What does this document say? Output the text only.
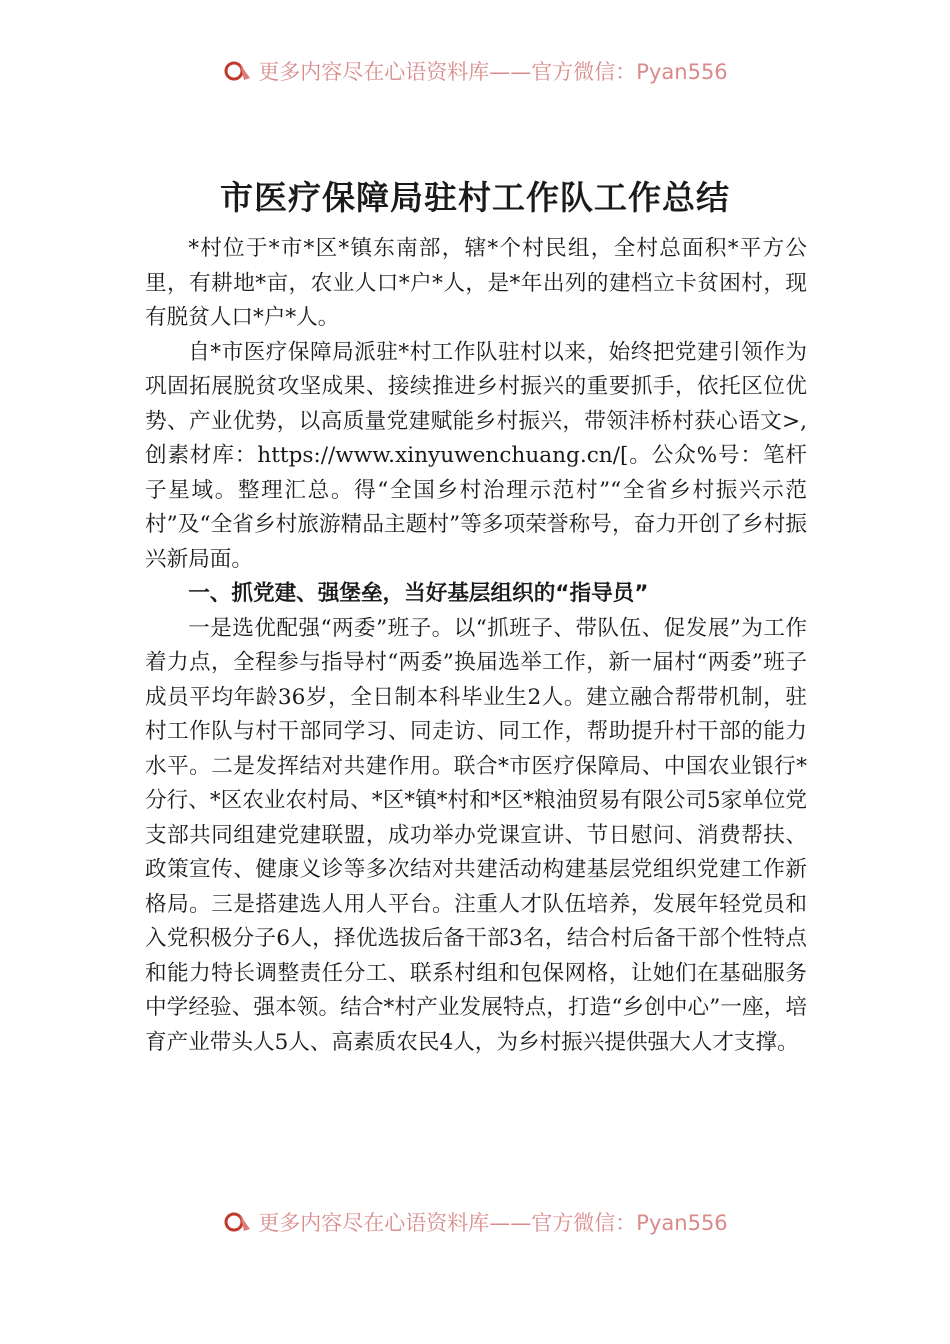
更多内容尽在心语资料库——官方微信：Pyan556
市医疗保障局驻村工作队工作总结

*村位于*市*区*镇东南部，辖*个村民组，全村总面积*平方公里，有耕地*亩，农业人口*户*人，是*年出列的建档立卡贫困村，现有脱贫人口*户*人。

自*市医疗保障局派驻*村工作队驻村以来，始终把党建引领作为巩固拓展脱贫攻坚成果、接续推进乡村振兴的重要抓手，依托区位优势、产业优势，以高质量党建赋能乡村振兴，带领沣桥村获心语文>,创素材库：https://www.xinyuwenchuang.cn/[。公众%号：笔杆子星域。整理汇总。得“全国乡村治理示范村”“全省乡村振兴示范村”及“全省乡村旅游精品主题村”等多项荣誉称号，奋力开创了乡村振兴新局面。

一、抓党建、强堡垒，当好基层组织的“指导员”

一是选优配强“两委”班子。以“抓班子、带队伍、促发展”为工作着力点，全程参与指导村“两委”换届选举工作，新一届村“两委”班子成员平均年龄36岁，全日制本科毕业生2人。建立融合帮带机制，驻村工作队与村干部同学习、同走访、同工作，帮助提升村干部的能力水平。二是发挥结对共建作用。联合*市医疗保障局、中国农业银行*分行、*区农业农村局、*区*镇*村和*区*粮油贸易有限公司5家单位党支部共同组建党建联盟，成功举办党课宣讲、节日慰问、消费帮扶、政策宣传、健康义诊等多次结对共建活动构建基层党组织党建工作新格局。三是搭建选人用人平台。注重人才队伍培养，发展年轻党员和入党积极分子6人，择优选拔后备干部3名，结合村后备干部个性特点和能力特长调整责任分工、联系村组和包保网格，让她们在基础服务中学经验、强本领。结合*村产业发展特点，打造“乡创中心”一座，培育产业带头人5人、高素质农民4人，为乡村振兴提供强大人才支撑。

更多内容尽在心语资料库——官方微信：Pyan556
